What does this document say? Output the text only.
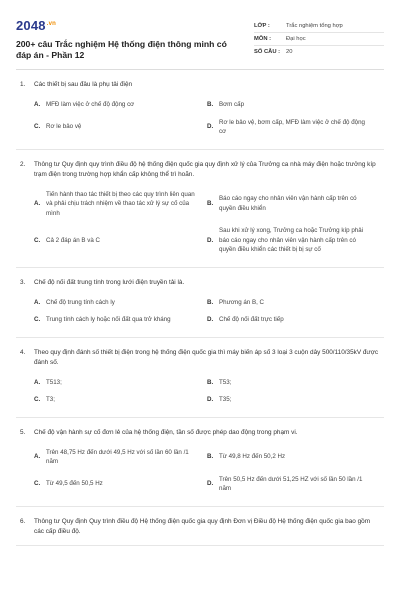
$2048^{.vn}$
200+ câu Trắc nghiệm Hệ thống điện thông minh có đáp án - Phần 12
LỚP :	Trắc nghiệm tổng hợp
MÔN :	Đại học
SỐ CÂU :	20
1.	Các thiết bị sau đâu là phụ tải điện
A. MFĐ làm việc ở chế độ động cơ	B. Bơm cấp
C. Rơ le bảo vệ	D.
Rơ le bảo vệ, bơm cấp, MFĐ làm việc ở chế độ động cơ
2.	Thông tư Quy định quy trình điều độ hệ thống điện quốc gia quy định xử lý của Trưởng ca nhà máy điện hoặc trưởng kíp trạm điện trong trường hợp khẩn cấp không thể trì hoãn.
A.
Tiến hành thao tác thiết bị theo các quy trình liên quan và phải chịu trách nhiệm về thao tác xử lý sự cố của mình
B.
Báo cáo ngay cho nhân viên vận hành cấp trên có quyền điều khiển
C. Cả 2 đáp án B và C	D.
Sau khi xử lý xong, Trưởng ca hoặc Trưởng kíp phải báo cáo ngay cho nhân viên vận hành cấp trên có quyền điều khiển các thiết bị bị sự cố
3.	Chế độ nối đất trung tính trong lưới điện truyền tải là.
A. Chế độ trung tính cách ly	B. Phương án B, C
C. Trung tính cách ly hoặc nối đất qua trở kháng	D. Chế độ nối đất trực tiếp
4.	Theo quy định đánh số thiết bị điện trong hệ thống điện quốc gia thì máy biến áp số 3 loại 3 cuộn dây 500/110/35kV được đánh số.
A. T513;	B. T53;
C. T3;	D. T35;
5.	Chế độ vận hành sự cố đơn lẻ của hệ thống điện, tần số được phép dao động trong phạm vi.
A.
Trên 48,75 Hz đến dưới 49,5 Hz với số lần 60 lần /1 năm
B. Từ 49,8 Hz đến 50,2 Hz
C. Từ 49,5 đến 50,5 Hz	D.
Trên 50,5 Hz đến dưới 51,25 HZ với số lần 50 lần /1 năm
6.	Thông tư Quy định Quy trình điều độ Hệ thống điện quốc gia quy định Đơn vị Điều độ Hệ thống điện quốc gia bao gồm các cấp điều độ.
